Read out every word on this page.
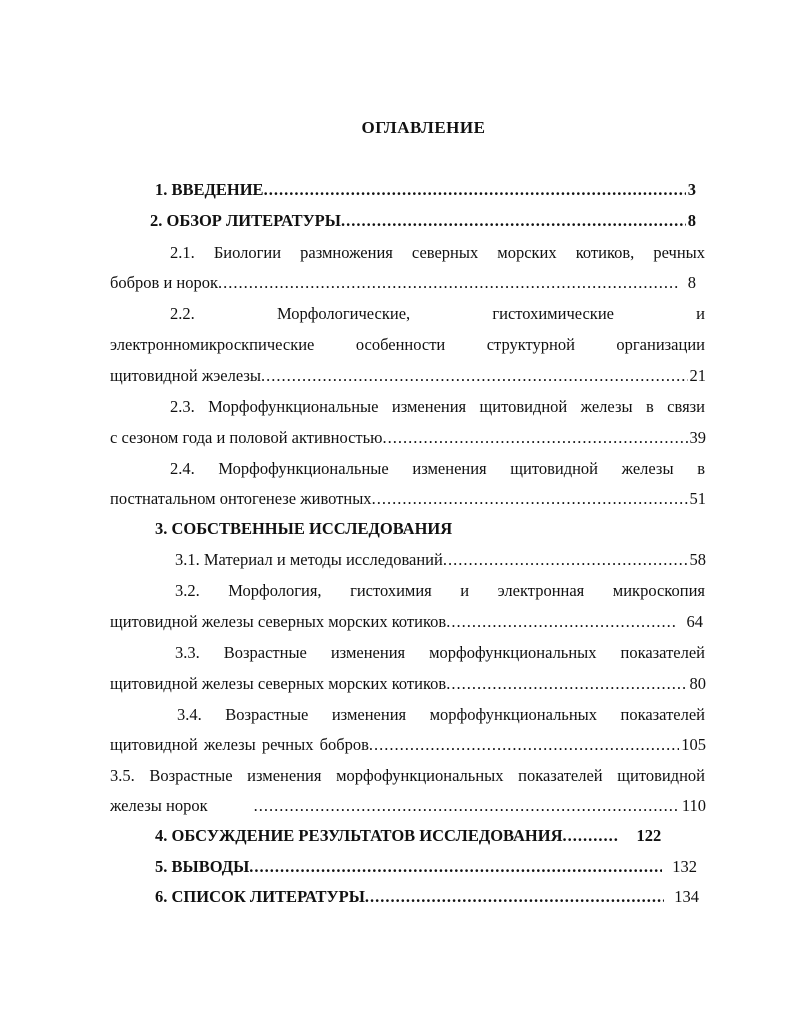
ОГЛАВЛЕНИЕ
1. ВВЕДЕНИЕ .....	3
2. ОБЗОР ЛИТЕРАТУРЫ .....	8
2.1. Биологии размножения северных морских котиков, речных
бобров и норок .....	8
2.2. Морфологические, гистохимические и
электронномикроскпические особенности структурной организации
щитовидной жэелезы .....	21
2.3. Морфофункциональные изменения щитовидной железы в связи
с сезоном года и половой активностью .....	39
2.4. Морфофункциональные изменения щитовидной железы в
постнатальном онтогенезе животных .....	51
3. СОБСТВЕННЫЕ ИССЛЕДОВАНИЯ
3.1. Материал и методы исследований .....	58
3.2. Морфология, гистохимия и электронная микроскопия
щитовидной железы северных морских котиков .....	64
3.3. Возрастные изменения морфофункциональных показателей
щитовидной железы северных морских котиков .....	80
3.4. Возрастные изменения морфофункциональных показателей
щитовидной железы речных бобров .....	105
3.5. Возрастные изменения морфофункциональных показателей щитовидной
железы норок .....	110
4. ОБСУЖДЕНИЕ РЕЗУЛЬТАТОВ ИССЛЕДОВАНИЯ .....	122
5. ВЫВОДЫ .....	132
6. СПИСОК ЛИТЕРАТУРЫ .....	134
